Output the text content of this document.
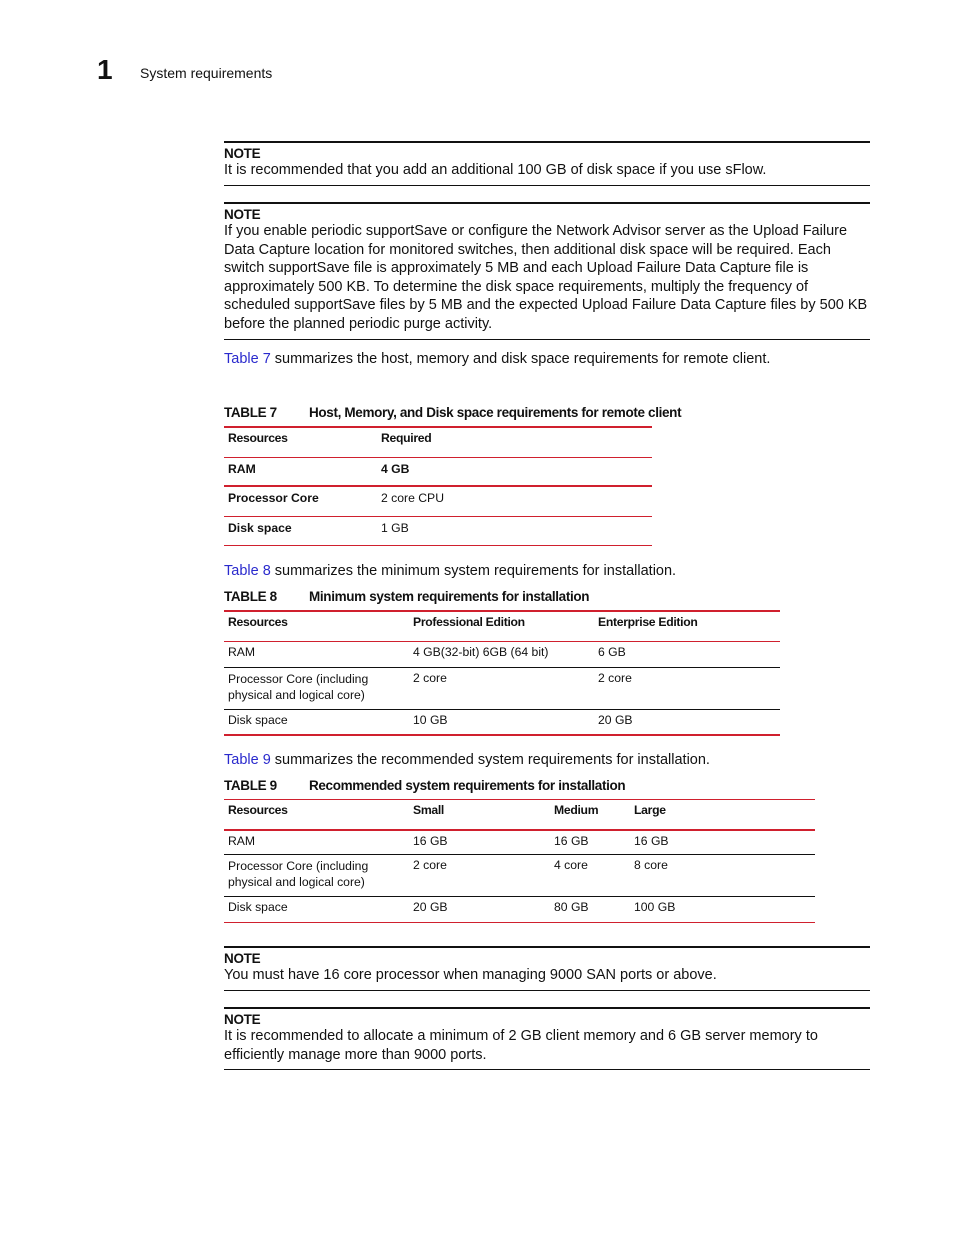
1 System requirements
NOTE
It is recommended that you add an additional 100 GB of disk space if you use sFlow.
NOTE
If you enable periodic supportSave or configure the Network Advisor server as the Upload Failure
Data Capture location for monitored switches, then additional disk space will be required. Each
switch supportSave file is approximately 5 MB and each Upload Failure Data Capture file is
approximately 500 KB. To determine the disk space requirements, multiply the frequency of
scheduled supportSave files by 5 MB and the expected Upload Failure Data Capture files by 500 KB
before the planned periodic purge activity.
Table 7 summarizes the host, memory and disk space requirements for remote client.
TABLE 7 Host, Memory, and Disk space requirements for remote client
Resources	Required
RAM	4 GB
Processor Core	2 core CPU
Disk space	1 GB
Table 8 summarizes the minimum system requirements for installation.
TABLE 8 Minimum system requirements for installation
Resources	Professional Edition	Enterprise Edition
RAM	4 GB(32-bit) 6GB (64 bit)	6 GB

Processor Core (including
physical and logical core)	2 core	2 core
Disk space	10 GB	20 GB
Table 9 summarizes the recommended system requirements for installation.
TABLE 9 Recommended system requirements for installation
Resources	Small	Medium	Large
RAM	16 GB	16 GB	16 GB

Processor Core (including
physical and logical core)	2 core	4 core	8 core
Disk space	20 GB	80 GB	100 GB
NOTE
You must have 16 core processor when managing 9000 SAN ports or above.
NOTE
It is recommended to allocate a minimum of 2 GB client memory and 6 GB server memory to
efficiently manage more than 9000 ports.
